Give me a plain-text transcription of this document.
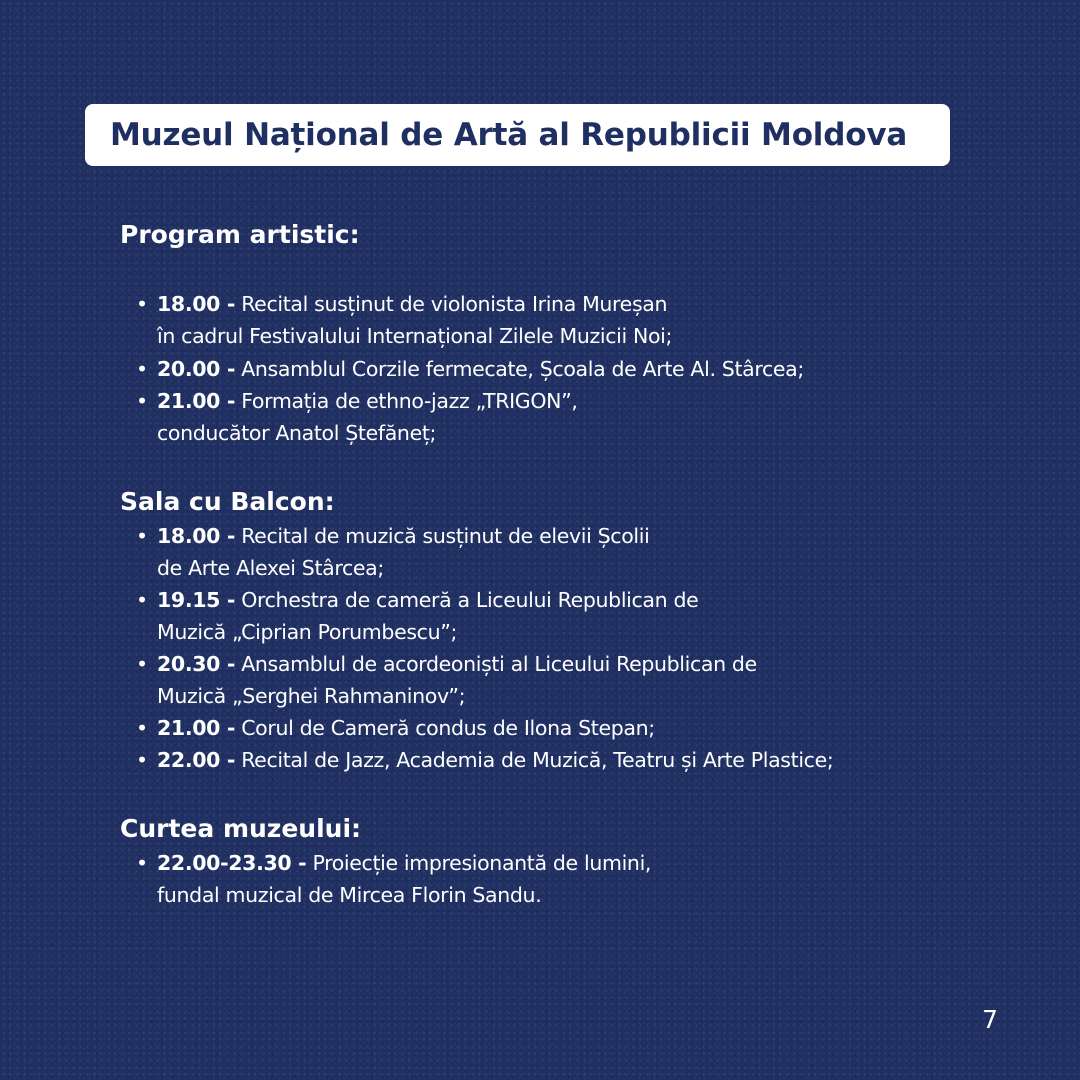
Muzeul Național de Artă al Republicii Moldova
Program artistic:
• 18.00 - Recital susținut de violonista Irina Mureșan
în cadrul Festivalului Internațional Zilele Muzicii Noi;
• 20.00 - Ansamblul Corzile fermecate, Școala de Arte Al. Stârcea;
• 21.00 - Formația de ethno-jazz „TRIGON”,
conducător Anatol Ștefăneț;
Sala cu Balcon:
• 18.00 - Recital de muzică susținut de elevii Școlii
de Arte Alexei Stârcea;
• 19.15 - Orchestra de cameră a Liceului Republican de
Muzică „Ciprian Porumbescu”;
• 20.30 - Ansamblul de acordeoniști al Liceului Republican de
Muzică „Serghei Rahmaninov”;
• 21.00 - Corul de Cameră condus de Ilona Stepan;
• 22.00 - Recital de Jazz, Academia de Muzică, Teatru și Arte Plastice;
Curtea muzeului:
• 22.00-23.30 - Proiecție impresionantă de lumini,
fundal muzical de Mircea Florin Sandu.
7
